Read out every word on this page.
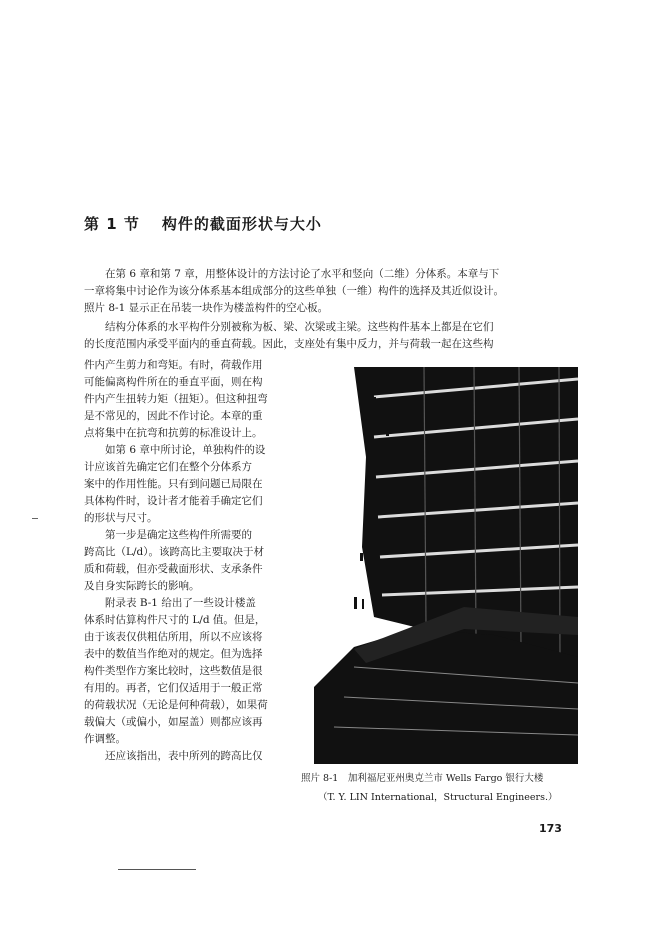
第 1 节 构件的截面形状与大小
在第 6 章和第 7 章，用整体设计的方法讨论了水平和竖向（二维）分体系。本章与下
一章将集中讨论作为该分体系基本组成部分的这些单独（一维）构件的选择及其近似设计。
照片 8-1 显示正在吊装一块作为楼盖构件的空心板。
结构分体系的水平构件分别被称为板、梁、次梁或主梁。这些构件基本上都是在它们
的长度范围内承受平面内的垂直荷载。因此，支座处有集中反力，并与荷载一起在这些构
件内产生剪力和弯矩。有时，荷载作用
可能偏离构件所在的垂直平面，则在构
件内产生扭转力矩（扭矩）。但这种扭弯
是不常见的，因此不作讨论。本章的重
点将集中在抗弯和抗剪的标准设计上。
如第 6 章中所讨论，单独构件的设
计应该首先确定它们在整个分体系方
案中的作用性能。只有到问题已局限在
具体构件时，设计者才能着手确定它们
的形状与尺寸。
第一步是确定这些构件所需要的
跨高比（L/d）。该跨高比主要取决于材
质和荷载，但亦受截面形状、支承条件
及自身实际跨长的影响。
附录表 B-1 给出了一些设计楼盖
体系时估算构件尺寸的 L/d 值。但是，
由于该表仅供粗估所用，所以不应该将
表中的数值当作绝对的规定。但为选择
构件类型作方案比较时，这些数值是很
有用的。再者，它们仅适用于一般正常
的荷载状况（无论是何种荷载），如果荷
载偏大（或偏小，如屋盖）则都应该再
作调整。
还应该指出，表中所列的跨高比仅
照片 8-1　加利福尼亚州奥克兰市 Wells Fargo 银行大楼
（T. Y. LIN International，Structural Engineers.）
173
